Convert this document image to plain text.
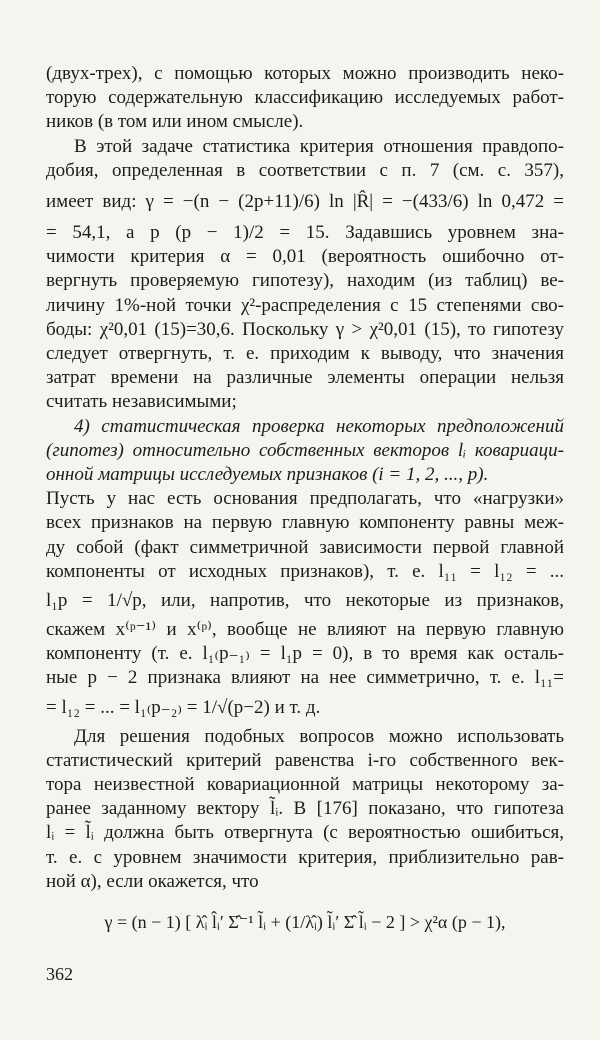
(двух-трех), с помощью которых можно производить неко-
торую содержательную классификацию исследуемых работ-
ников (в том или ином смысле).
В этой задаче статистика критерия отношения правдопо-
добия, определенная в соответствии с п. 7 (см. с. 357),
имеет вид: γ = −(n − (2p+11)/6) ln |R̂| = −(433/6) ln 0,472 =
= 54,1, а p (p − 1)/2 = 15. Задавшись уровнем зна-
чимости критерия α = 0,01 (вероятность ошибочно от-
вергнуть проверяемую гипотезу), находим (из таблиц) ве-
личину 1%-ной точки χ²-распределения с 15 степенями сво-
боды: χ²0,01 (15)=30,6. Поскольку γ > χ²0,01 (15), то гипотезу
следует отвергнуть, т. е. приходим к выводу, что значения
затрат времени на различные элементы операции нельзя
считать независимыми;
4) статистическая проверка некоторых предположений
(гипотез) относительно собственных векторов lᵢ ковариаци-
онной матрицы исследуемых признаков (i = 1, 2, ..., p).
Пусть у нас есть основания предполагать, что «нагрузки»
всех признаков на первую главную компоненту равны меж-
ду собой (факт симметричной зависимости первой главной
компоненты от исходных признаков), т. е. l₁₁ = l₁₂ = ...
l₁p = 1/√p, или, напротив, что некоторые из признаков,
скажем x⁽ᵖ⁻¹⁾ и x⁽ᵖ⁾, вообще не влияют на первую главную
компоненту (т. е. l₁₍p₋₁₎ = l₁p = 0), в то время как осталь-
ные p − 2 признака влияют на нее симметрично, т. е. l₁₁=
= l₁₂ = ... = l₁₍p₋₂₎ = 1/√(p−2) и т. д.
Для решения подобных вопросов можно использовать
статистический критерий равенства i-го собственного век-
тора неизвестной ковариационной матрицы некоторому за-
ранее заданному вектору l̃ᵢ. В [176] показано, что гипотеза
lᵢ = l̃ᵢ должна быть отвергнута (с вероятностью ошибиться,
т. е. с уровнем значимости критерия, приблизительно рав-
ной α), если окажется, что
362
γ = (n − 1) [ λ̂ᵢ l̂ᵢ′ Σ̂⁻¹ l̃ᵢ + (1/λ̂ᵢ) l̃ᵢ′ Σ̂ l̃ᵢ − 2 ] > χ²α (p − 1),
